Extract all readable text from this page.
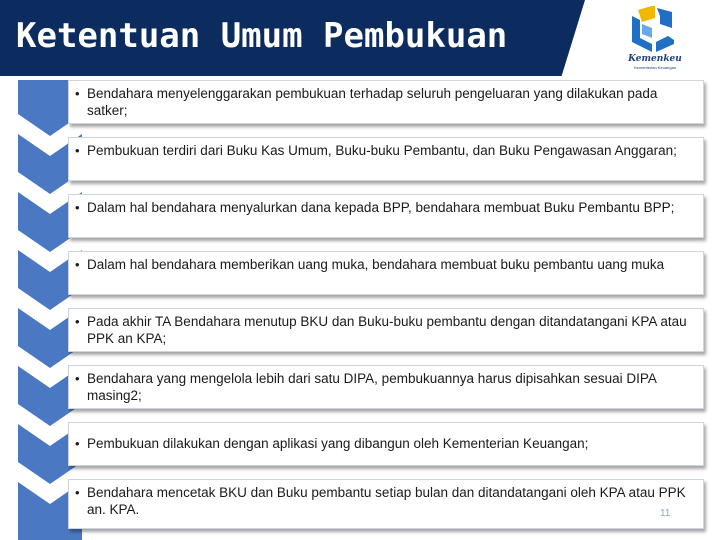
Ketentuan Umum Pembukuan
Kemenkeu
Kementerian Keuangan
• Bendahara menyelenggarakan pembukuan terhadap seluruh pengeluaran yang dilakukan pada satker;
• Pembukuan terdiri dari Buku Kas Umum, Buku-buku Pembantu, dan Buku Pengawasan Anggaran;
• Dalam hal bendahara menyalurkan dana kepada BPP, bendahara membuat Buku Pembantu BPP;
• Dalam hal bendahara memberikan uang muka, bendahara membuat buku pembantu uang muka
• Pada akhir TA Bendahara menutup BKU dan Buku-buku pembantu dengan ditandatangani KPA atau PPK an KPA;
• Bendahara yang mengelola lebih dari satu DIPA, pembukuannya harus dipisahkan sesuai DIPA masing2;
• Pembukuan dilakukan dengan aplikasi yang dibangun oleh Kementerian Keuangan;
• Bendahara mencetak BKU dan Buku pembantu setiap bulan dan ditandatangani oleh KPA atau PPK an. KPA.	11
